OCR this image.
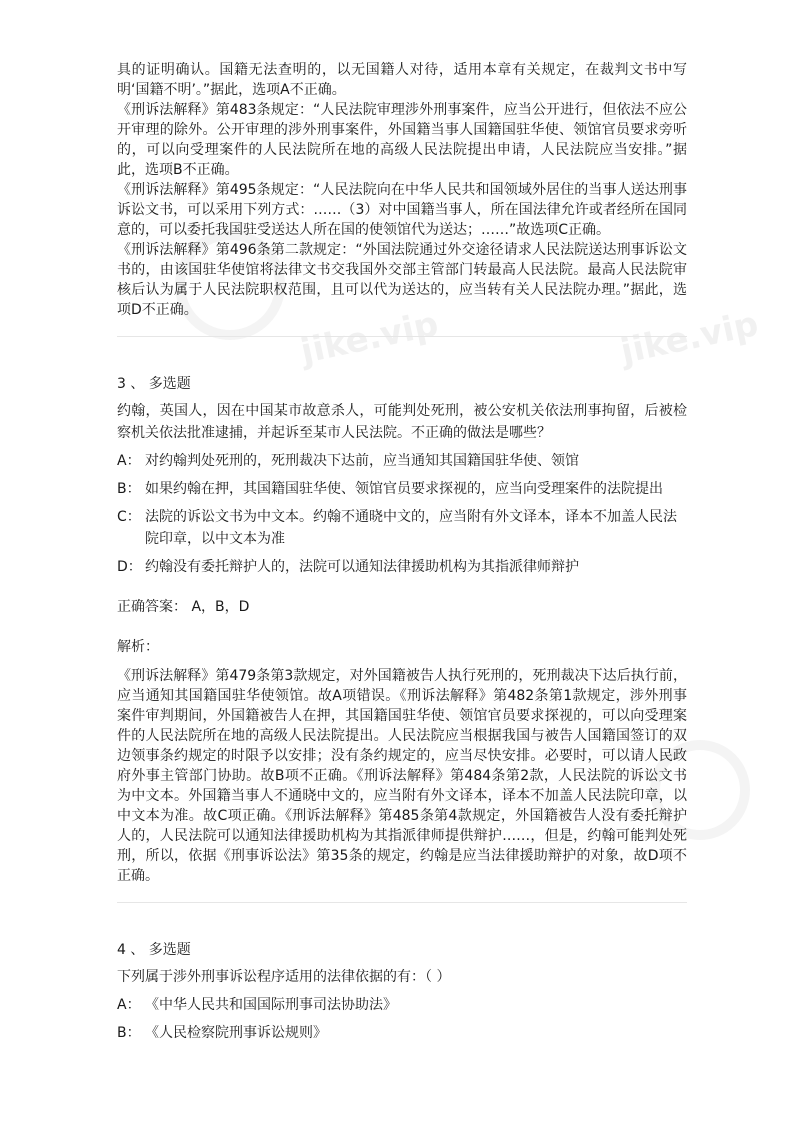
jike.vip	jike.vip

具的证明确认。国籍无法查明的，以无国籍人对待，适用本章有关规定，在裁判文书中写明‘国籍不明’。”据此，选项A不正确。

《刑诉法解释》第483条规定：“人民法院审理涉外刑事案件，应当公开进行，但依法不应公开审理的除外。公开审理的涉外刑事案件，外国籍当事人国籍国驻华使、领馆官员要求旁听的，可以向受理案件的人民法院所在地的高级人民法院提出申请，人民法院应当安排。”据此，选项B不正确。

《刑诉法解释》第495条规定：“人民法院向在中华人民共和国领域外居住的当事人送达刑事诉讼文书，可以采用下列方式：……（3）对中国籍当事人，所在国法律允许或者经所在国同意的，可以委托我国驻受送达人所在国的使领馆代为送达；……”故选项C正确。

《刑诉法解释》第496条第二款规定：“外国法院通过外交途径请求人民法院送达刑事诉讼文书的，由该国驻华使馆将法律文书交我国外交部主管部门转最高人民法院。最高人民法院审核后认为属于人民法院职权范围，且可以代为送达的，应当转有关人民法院办理。”据此，选项D不正确。

3 、 多选题

约翰，英国人，因在中国某市故意杀人，可能判处死刑，被公安机关依法刑事拘留，后被检察机关依法批准逮捕，并起诉至某市人民法院。不正确的做法是哪些？

A： 对约翰判处死刑的，死刑裁决下达前，应当通知其国籍国驻华使、领馆
B： 如果约翰在押，其国籍国驻华使、领馆官员要求探视的，应当向受理案件的法院提出
C： 法院的诉讼文书为中文本。约翰不通晓中文的，应当附有外文译本，译本不加盖人民法院印章，以中文本为准
D： 约翰没有委托辩护人的，法院可以通知法律援助机构为其指派律师辩护

正确答案： A，B，D

解析：

《刑诉法解释》第479条第3款规定，对外国籍被告人执行死刑的，死刑裁决下达后执行前，应当通知其国籍国驻华使领馆。故A项错误。《刑诉法解释》第482条第1款规定，涉外刑事案件审判期间，外国籍被告人在押，其国籍国驻华使、领馆官员要求探视的，可以向受理案件的人民法院所在地的高级人民法院提出。人民法院应当根据我国与被告人国籍国签订的双边领事条约规定的时限予以安排；没有条约规定的，应当尽快安排。必要时，可以请人民政府外事主管部门协助。故B项不正确。《刑诉法解释》第484条第2款，人民法院的诉讼文书为中文本。外国籍当事人不通晓中文的，应当附有外文译本，译本不加盖人民法院印章，以中文本为准。故C项正确。《刑诉法解释》第485条第4款规定，外国籍被告人没有委托辩护人的，人民法院可以通知法律援助机构为其指派律师提供辩护……，但是，约翰可能判处死刑，所以，依据《刑事诉讼法》第35条的规定，约翰是应当法律援助辩护的对象，故D项不正确。

4 、 多选题

下列属于涉外刑事诉讼程序适用的法律依据的有：（ ）

A： 《中华人民共和国国际刑事司法协助法》
B： 《人民检察院刑事诉讼规则》
